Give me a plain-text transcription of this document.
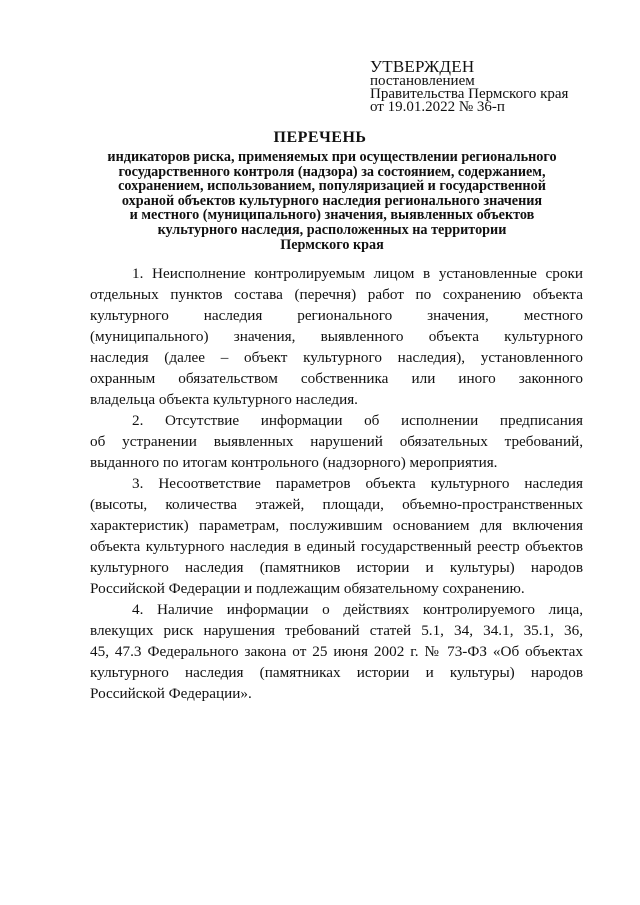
УТВЕРЖДЕН
постановлением
Правительства Пермского края
от 19.01.2022 № 36-п
ПЕРЕЧЕНЬ
индикаторов риска, применяемых при осуществлении регионального
государственного контроля (надзора) за состоянием, содержанием,
сохранением, использованием, популяризацией и государственной
охраной объектов культурного наследия регионального значения
и местного (муниципального) значения, выявленных объектов
культурного наследия, расположенных на территории
Пермского края

1. Неисполнение контролируемым лицом в установленные сроки
отдельных пунктов состава (перечня) работ по сохранению объекта
культурного наследия регионального значения, местного
(муниципального) значения, выявленного объекта культурного
наследия (далее – объект культурного наследия), установленного
охранным обязательством собственника или иного законного
владельца объекта культурного наследия.

2. Отсутствие информации об исполнении предписания
об устранении выявленных нарушений обязательных требований,
выданного по итогам контрольного (надзорного) мероприятия.

3. Несоответствие параметров объекта культурного наследия
(высоты, количества этажей, площади, объемно-пространственных
характеристик) параметрам, послужившим основанием для включения
объекта культурного наследия в единый государственный реестр объектов
культурного наследия (памятников истории и культуры) народов
Российской Федерации и подлежащим обязательному сохранению.

4. Наличие информации о действиях контролируемого лица,
влекущих риск нарушения требований статей 5.1, 34, 34.1, 35.1, 36,
45, 47.3 Федерального закона от 25 июня 2002 г. № 73-ФЗ «Об объектах
культурного наследия (памятниках истории и культуры) народов
Российской Федерации».
